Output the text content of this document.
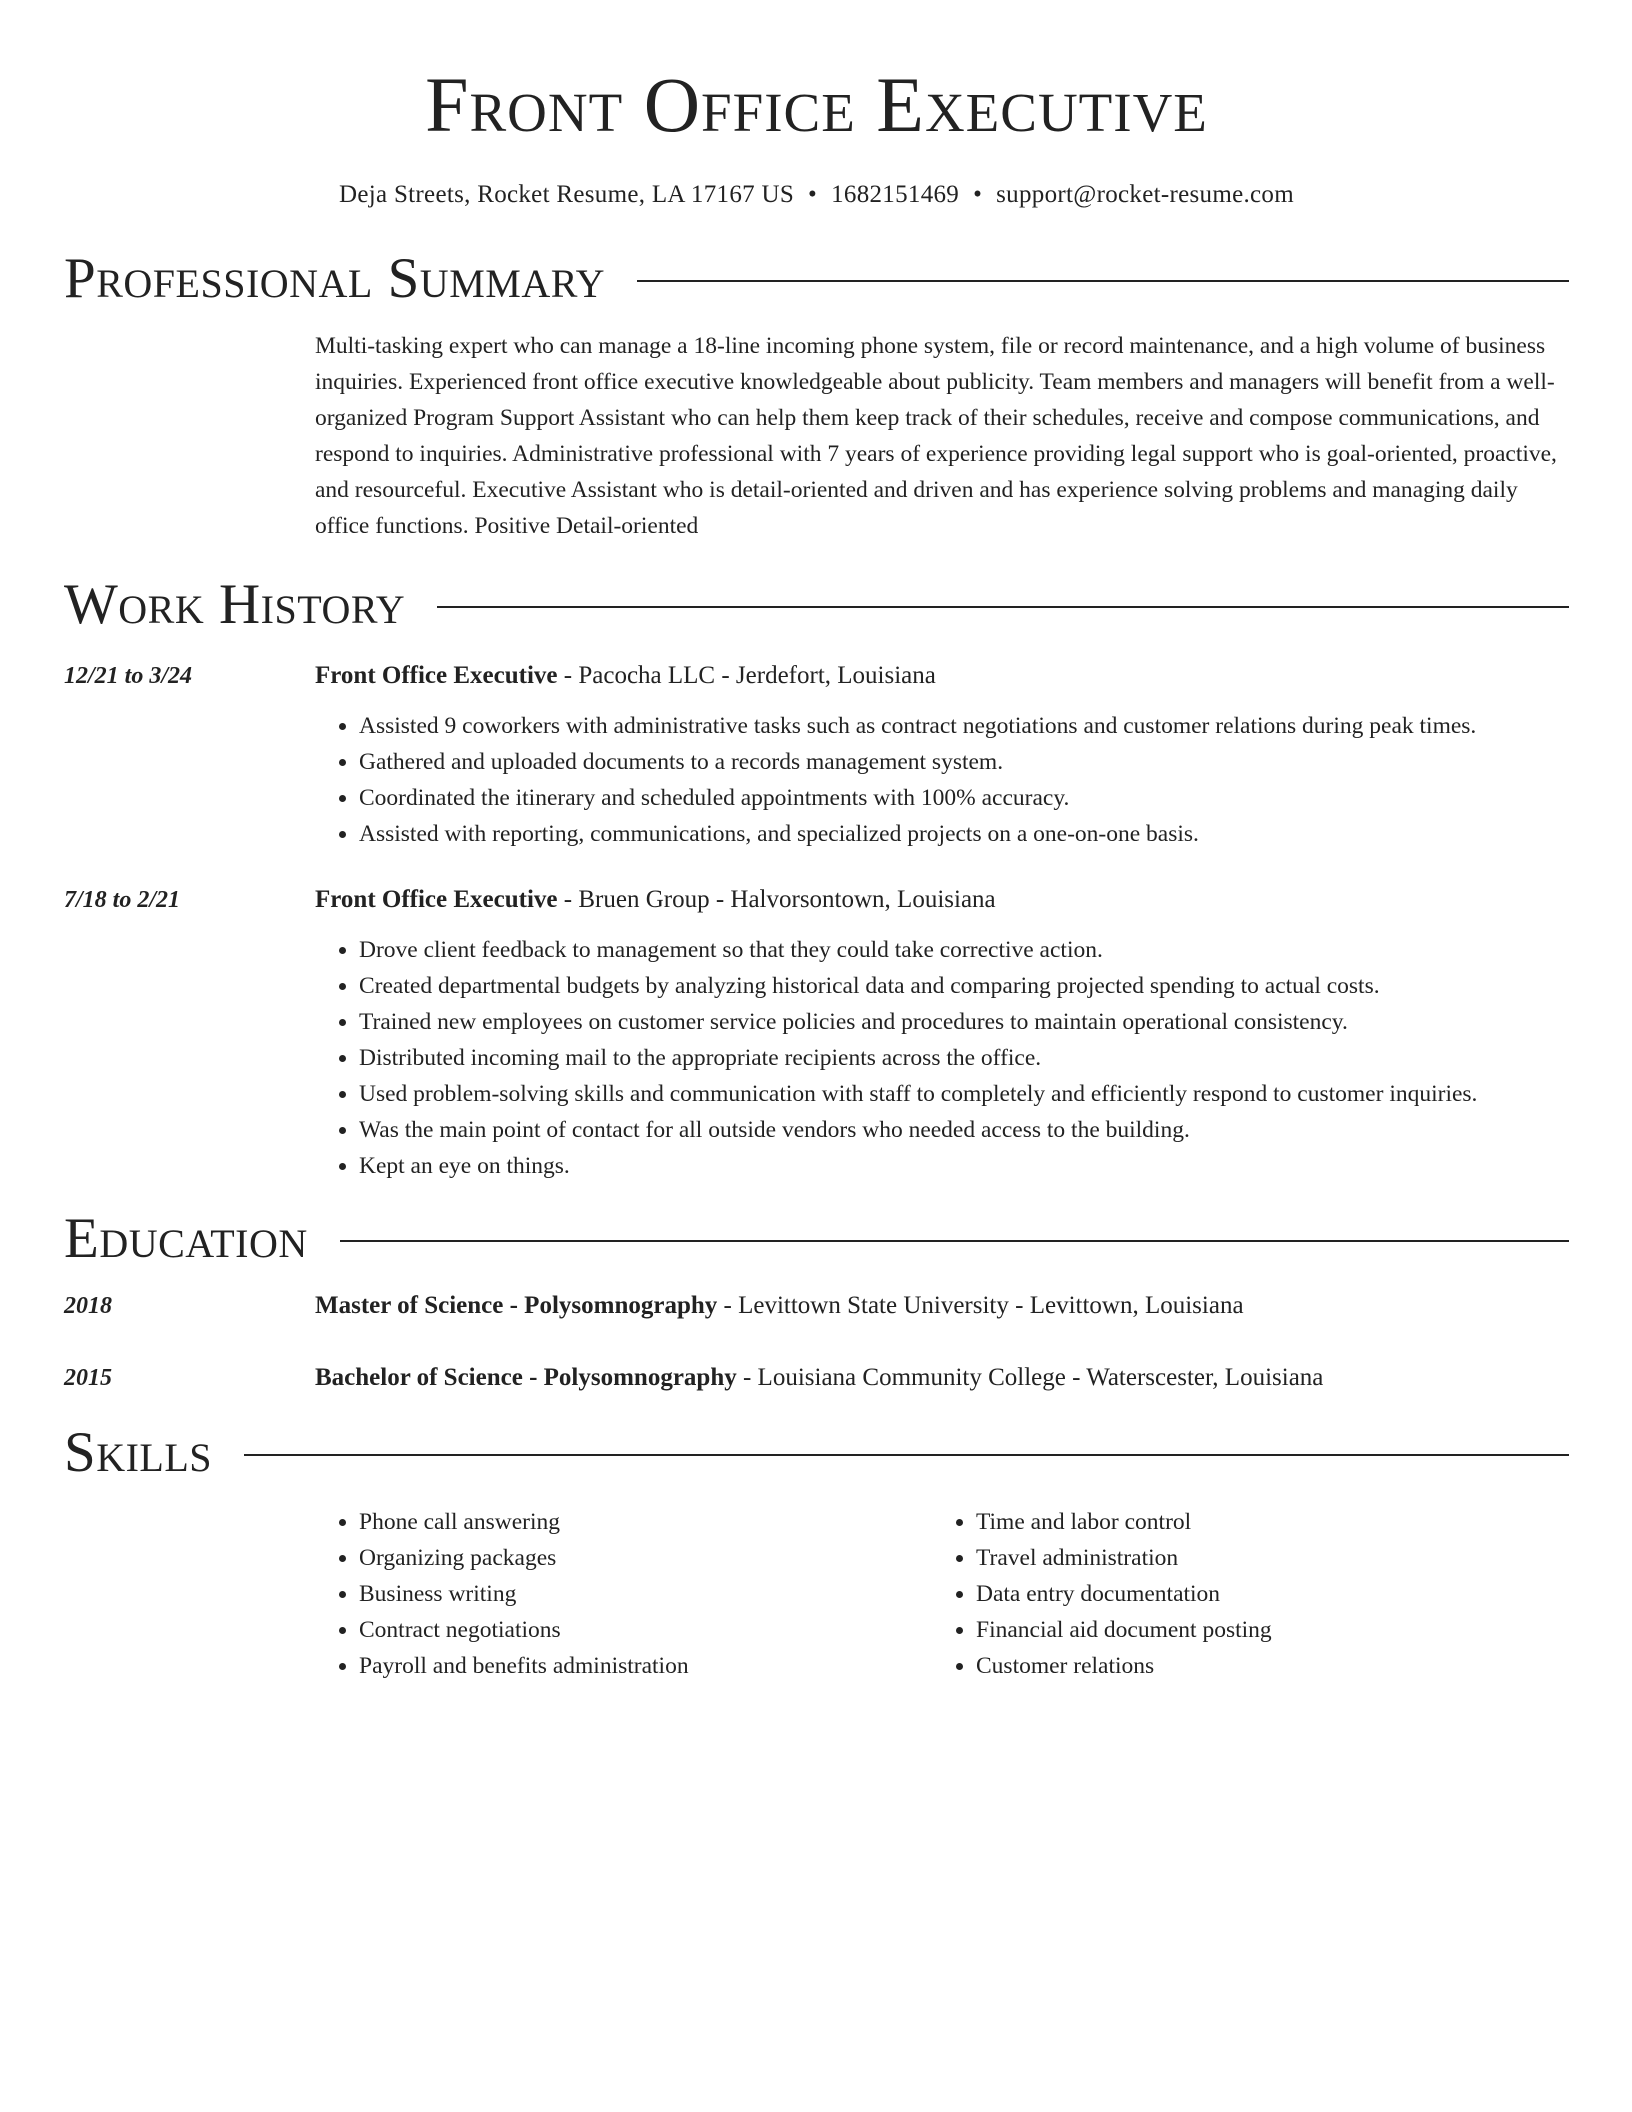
Front Office Executive
Deja Streets, Rocket Resume, LA 17167 US • 1682151469 • support@rocket-resume.com
Professional Summary
Multi-tasking expert who can manage a 18-line incoming phone system, file or record maintenance, and a high volume of business inquiries. Experienced front office executive knowledgeable about publicity. Team members and managers will benefit from a well-organized Program Support Assistant who can help them keep track of their schedules, receive and compose communications, and respond to inquiries. Administrative professional with 7 years of experience providing legal support who is goal-oriented, proactive, and resourceful. Executive Assistant who is detail-oriented and driven and has experience solving problems and managing daily office functions. Positive Detail-oriented
Work History
12/21 to 3/24	Front Office Executive - Pacocha LLC - Jerdefort, Louisiana
• Assisted 9 coworkers with administrative tasks such as contract negotiations and customer relations during peak times.
• Gathered and uploaded documents to a records management system.
• Coordinated the itinerary and scheduled appointments with 100% accuracy.
• Assisted with reporting, communications, and specialized projects on a one-on-one basis.
7/18 to 2/21	Front Office Executive - Bruen Group - Halvorsontown, Louisiana
• Drove client feedback to management so that they could take corrective action.
• Created departmental budgets by analyzing historical data and comparing projected spending to actual costs.
• Trained new employees on customer service policies and procedures to maintain operational consistency.
• Distributed incoming mail to the appropriate recipients across the office.
• Used problem-solving skills and communication with staff to completely and efficiently respond to customer inquiries.
• Was the main point of contact for all outside vendors who needed access to the building.
• Kept an eye on things.
Education
2018	Master of Science - Polysomnography - Levittown State University - Levittown, Louisiana
2015	Bachelor of Science - Polysomnography - Louisiana Community College - Waterscester, Louisiana
Skills
• Phone call answering
• Organizing packages
• Business writing
• Contract negotiations
• Payroll and benefits administration
• Time and labor control
• Travel administration
• Data entry documentation
• Financial aid document posting
• Customer relations
